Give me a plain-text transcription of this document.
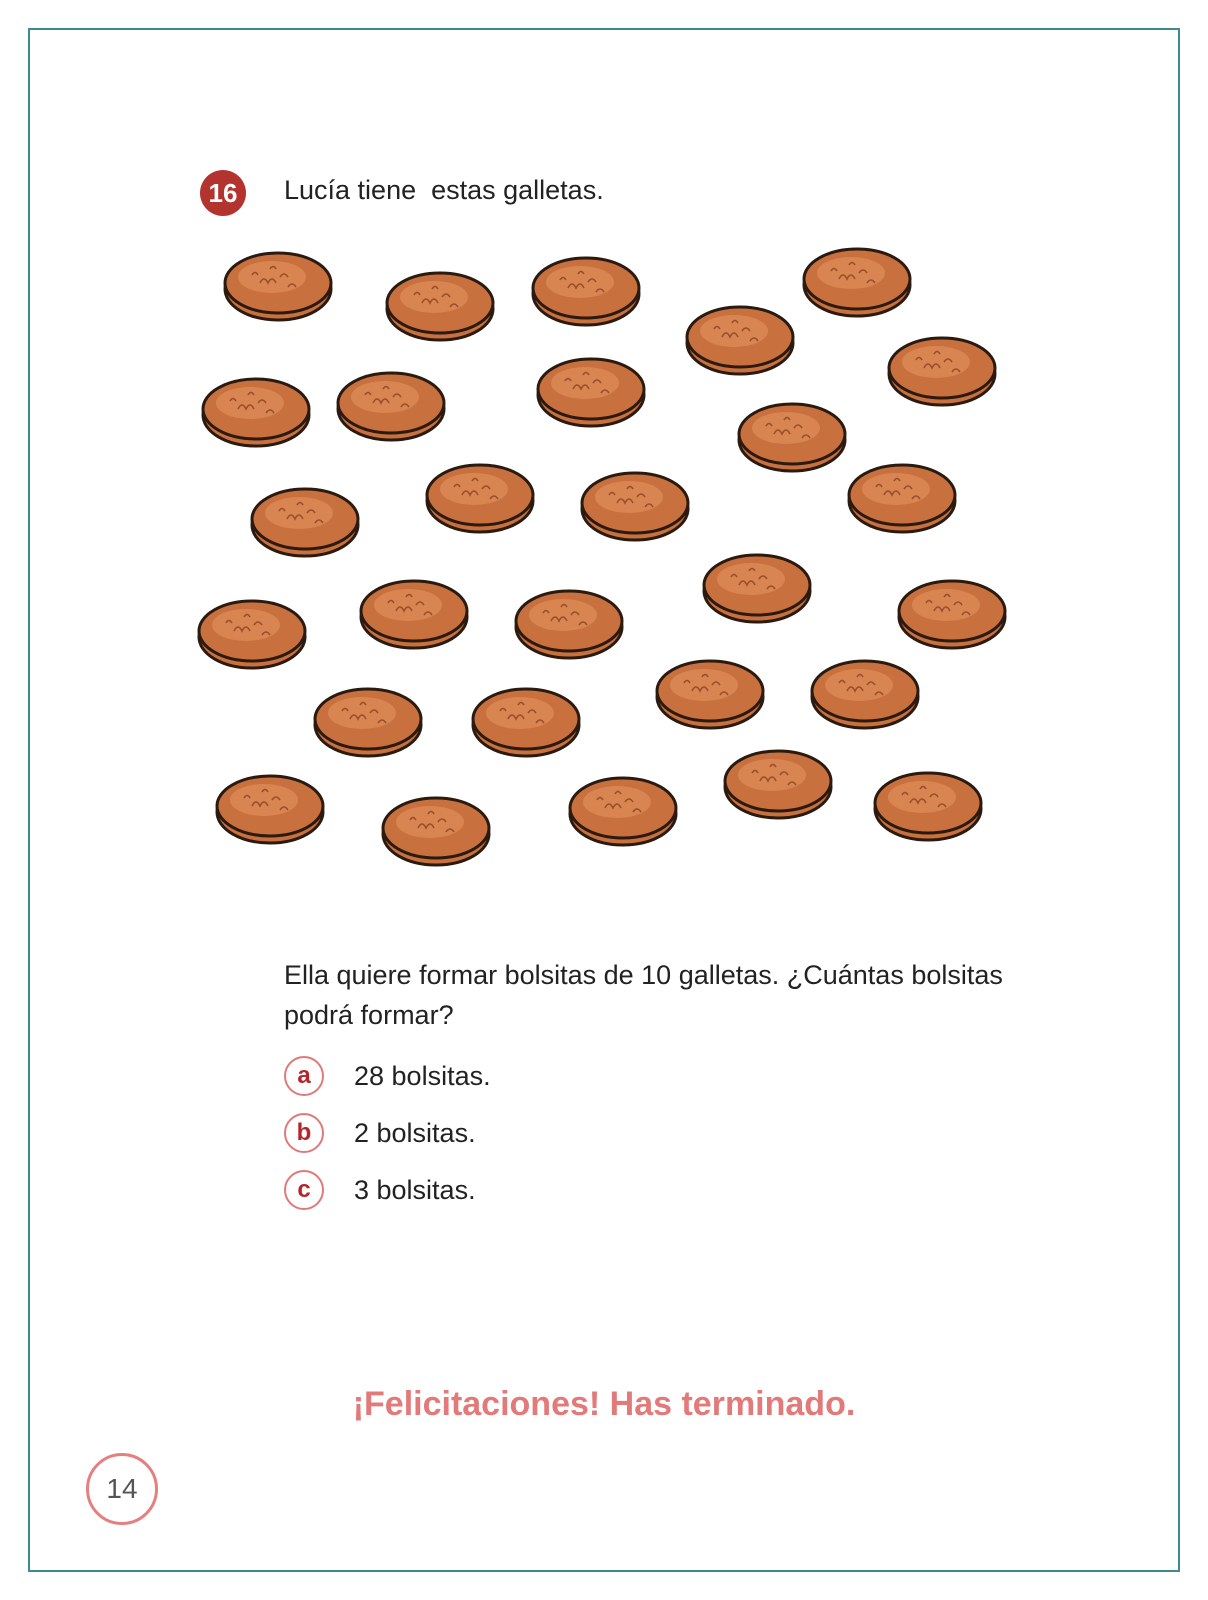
16	Lucía tiene  estas galletas.
Ella quiere formar bolsitas de 10 galletas. ¿Cuántas bolsitas podrá formar?
a	28 bolsitas.
b	2 bolsitas.
c	3 bolsitas.
¡Felicitaciones! Has terminado.
14
